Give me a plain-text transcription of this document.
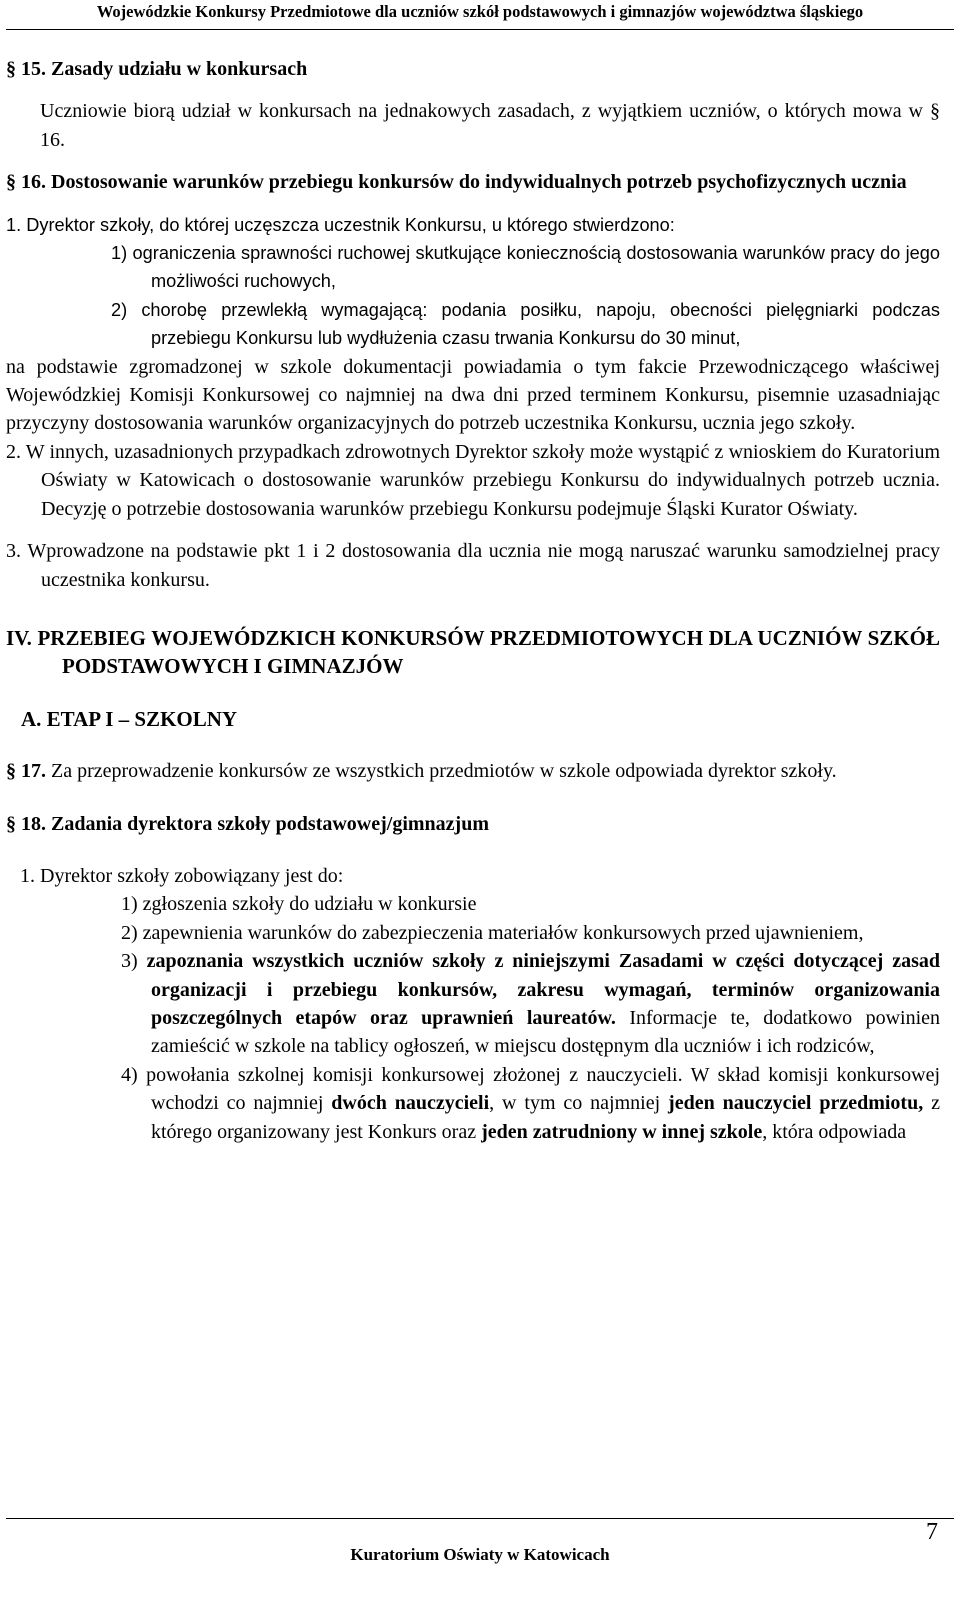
Wojewódzkie Konkursy Przedmiotowe dla uczniów szkół podstawowych i gimnazjów województwa śląskiego

§ 15. Zasady udziału w konkursach

Uczniowie biorą udział w konkursach na jednakowych zasadach, z wyjątkiem uczniów, o których mowa w § 16.

§ 16. Dostosowanie warunków przebiegu konkursów do indywidualnych potrzeb psychofizycznych ucznia

1. Dyrektor szkoły, do której uczęszcza uczestnik Konkursu, u którego stwierdzono:

1) ograniczenia sprawności ruchowej skutkujące koniecznością dostosowania warunków pracy do jego możliwości ruchowych,

2) chorobę przewlekłą wymagającą: podania posiłku, napoju, obecności pielęgniarki podczas przebiegu Konkursu lub wydłużenia czasu trwania Konkursu do 30 minut,

na podstawie zgromadzonej w szkole dokumentacji powiadamia o tym fakcie Przewodniczącego właściwej Wojewódzkiej Komisji Konkursowej co najmniej na dwa dni przed terminem Konkursu, pisemnie uzasadniając przyczyny dostosowania warunków organizacyjnych do potrzeb uczestnika Konkursu, ucznia jego szkoły.

2. W innych, uzasadnionych przypadkach zdrowotnych Dyrektor szkoły może wystąpić z wnioskiem do Kuratorium Oświaty w Katowicach o dostosowanie warunków przebiegu Konkursu do indywidualnych potrzeb ucznia. Decyzję o potrzebie dostosowania warunków przebiegu Konkursu podejmuje Śląski Kurator Oświaty.

3. Wprowadzone na podstawie pkt 1 i 2 dostosowania dla ucznia nie mogą naruszać warunku samodzielnej pracy uczestnika konkursu.

IV. PRZEBIEG WOJEWÓDZKICH KONKURSÓW PRZEDMIOTOWYCH DLA UCZNIÓW SZKÓŁ PODSTAWOWYCH I GIMNAZJÓW

A. ETAP I – SZKOLNY

§ 17. Za przeprowadzenie konkursów ze wszystkich przedmiotów w szkole odpowiada dyrektor szkoły.

§ 18. Zadania dyrektora szkoły podstawowej/gimnazjum

1. Dyrektor szkoły zobowiązany jest do:

1) zgłoszenia szkoły do udziału w konkursie

2) zapewnienia warunków do zabezpieczenia materiałów konkursowych przed ujawnieniem,

3) zapoznania wszystkich uczniów szkoły z niniejszymi Zasadami w części dotyczącej zasad organizacji i przebiegu konkursów, zakresu wymagań, terminów organizowania poszczególnych etapów oraz uprawnień laureatów. Informacje te, dodatkowo powinien zamieścić w szkole na tablicy ogłoszeń, w miejscu dostępnym dla uczniów i ich rodziców,

4) powołania szkolnej komisji konkursowej złożonej z nauczycieli. W skład komisji konkursowej wchodzi co najmniej dwóch nauczycieli, w tym co najmniej jeden nauczyciel przedmiotu, z którego organizowany jest Konkurs oraz jeden zatrudniony w innej szkole, która odpowiada

7
Kuratorium Oświaty w Katowicach
